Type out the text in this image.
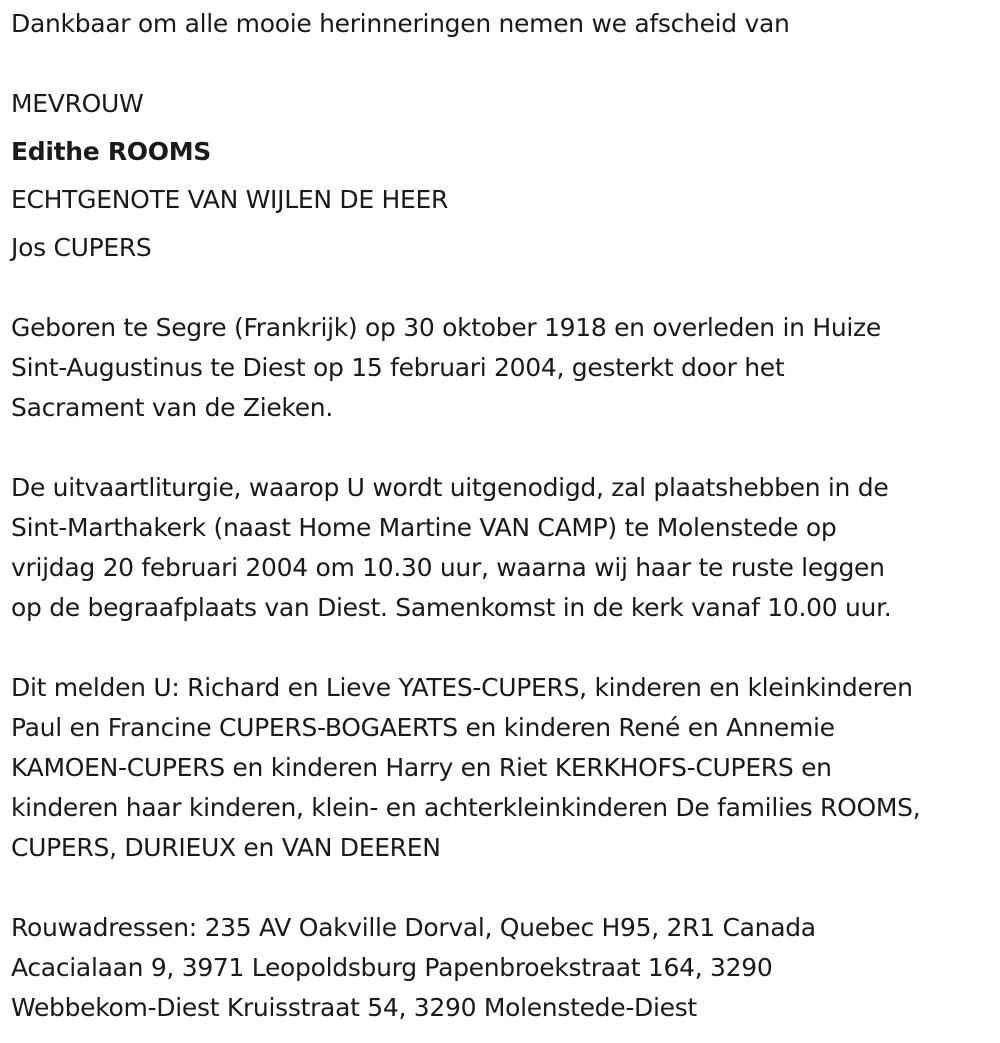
Dankbaar om alle mooie herinneringen nemen we afscheid van
MEVROUW
Edithe ROOMS
ECHTGENOTE VAN WIJLEN DE HEER
Jos CUPERS
Geboren te Segre (Frankrijk) op 30 oktober 1918 en overleden in Huize
Sint-Augustinus te Diest op 15 februari 2004, gesterkt door het
Sacrament van de Zieken.
De uitvaartliturgie, waarop U wordt uitgenodigd, zal plaatshebben in de
Sint-Marthakerk (naast Home Martine VAN CAMP) te Molenstede op
vrijdag 20 februari 2004 om 10.30 uur, waarna wij haar te ruste leggen
op de begraafplaats van Diest. Samenkomst in de kerk vanaf 10.00 uur.
Dit melden U: Richard en Lieve YATES-CUPERS, kinderen en kleinkinderen
Paul en Francine CUPERS-BOGAERTS en kinderen René en Annemie
KAMOEN-CUPERS en kinderen Harry en Riet KERKHOFS-CUPERS en
kinderen haar kinderen, klein- en achterkleinkinderen De families ROOMS,
CUPERS, DURIEUX en VAN DEEREN
Rouwadressen: 235 AV Oakville Dorval, Quebec H95, 2R1 Canada
Acacialaan 9, 3971 Leopoldsburg Papenbroekstraat 164, 3290
Webbekom-Diest Kruisstraat 54, 3290 Molenstede-Diest
